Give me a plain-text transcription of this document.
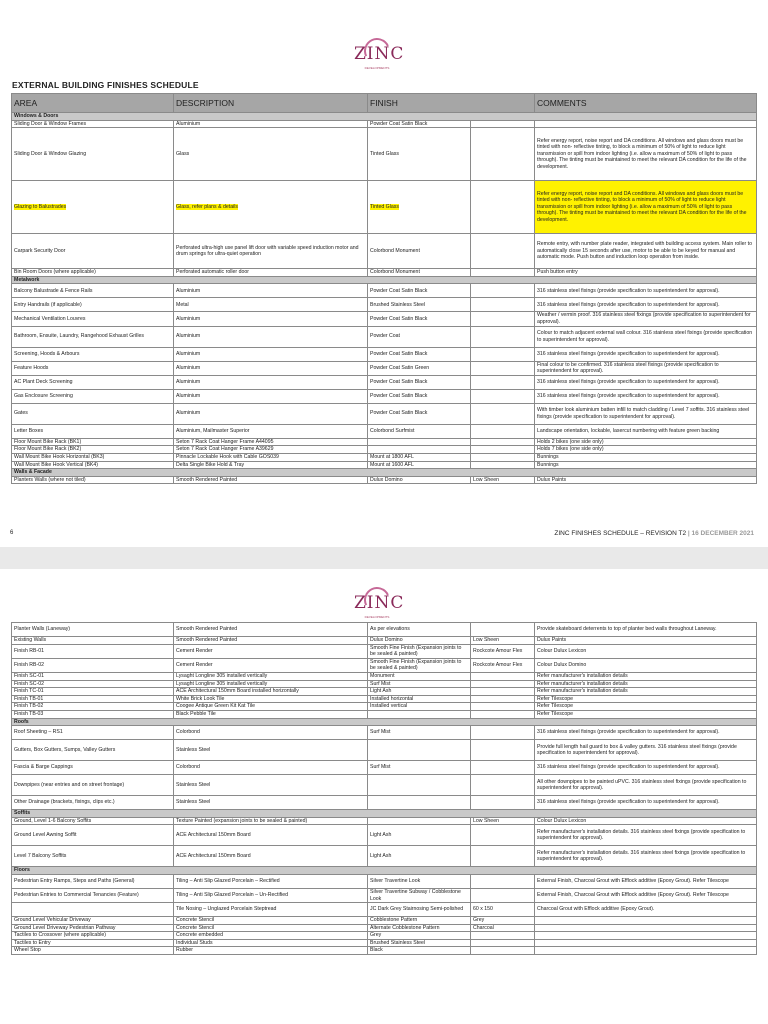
ZINC
DEVELOPMENTS
EXTERNAL BUILDING FINISHES SCHEDULE
AREA	DESCRIPTION	FINISH		COMMENTS
Windows & Doors				
Sliding Door & Window Frames	Aluminium	Powder Coat Satin Black		
Sliding Door & Window Glazing	Glass	Tinted Glass		Refer energy report, noise report and DA conditions. All windows and glass doors must be tinted with non- reflective tinting, to block a minimum of 50% of light to reduce light transmission or spill from indoor lighting (i.e. allow a maximum of 50% of light to pass through). The tinting must be maintained to meet the relevant DA condition for the life of the development.
Glazing to Balustrades	Glass, refer plans & details	Tinted Glass		Refer energy report, noise report and DA conditions. All windows and glass doors must be tinted with non- reflective tinting, to block a minimum of 50% of light to reduce light transmission or spill from indoor lighting (i.e. allow a maximum of 50% of light to pass through). The tinting must be maintained to meet the relevant DA condition for the life of the development.
Carpark Security Door	Perforated ultra-high use panel lift door with variable speed induction motor and drum springs for ultra-quiet operation	Colorbond Monument		Remote entry, with number plate reader, integrated with building access system. Main roller to automatically close 15 seconds after use, motor to be able to be keyed for manual and automatic mode. Push button and induction loop operation from inside.
Bin Room Doors (where applicable)	Perforated automatic roller door	Colorbond Monument		Push button entry
Metalwork				
Balcony Balustrade & Fence Rails	Aluminium	Powder Coat Satin Black		316 stainless steel fixings (provide specification to superintendent for approval).
Entry Handrails (if applicable)	Metal	Brushed Stainless Steel		316 stainless steel fixings (provide specification to superintendent for approval).
Mechanical Ventilation Louvres	Aluminium	Powder Coat Satin Black		Weather / vermin proof. 316 stainless steel fixings (provide specification to superintendent for approval).
Bathroom, Ensuite, Laundry, Rangehood Exhaust Grilles	Aluminium	Powder Coat		Colour to match adjacent external wall colour. 316 stainless steel fixings (provide specification to superintendent for approval).
Screening, Hoods & Arbours	Aluminium	Powder Coat Satin Black		316 stainless steel fixings (provide specification to superintendent for approval).
Feature Hoods	Aluminium	Powder Coat Satin Green		Final colour to be confirmed. 316 stainless steel fixings (provide specification to superintendent for approval).
AC Plant Deck Screening	Aluminium	Powder Coat Satin Black		316 stainless steel fixings (provide specification to superintendent for approval).
Gas Enclosure Screening	Aluminium	Powder Coat Satin Black		316 stainless steel fixings (provide specification to superintendent for approval).
Gates	Aluminium	Powder Coat Satin Black		With timber look aluminium batten infill to match cladding / Level 7 soffits. 316 stainless steel fixings (provide specification to superintendent for approval).
Letter Boxes	Aluminium, Mailmaster Superior	Colorbond Surfmist		Landscape orientation, lockable, lasercut numbering with feature green backing
Floor Mount Bike Rack (BK1)	Seton 7 Rack Coat Hanger Frame A44095			Holds 2 bikes (one side only)
Floor Mount Bike Rack (BK2)	Seton 7 Rack Coat Hanger Frame A39629			Holds 7 bikes (one side only)
Wall Mount Bike Hook Horizontal (BK3)	Pinnacle Lockable Hook with Cable GOS039	Mount at 1800 AFL		Bunnings
Wall Mount Bike Hook Vertical (BK4)	Delta Single Bike Hold & Tray	Mount at 1600 AFL		Bunnings
Walls & Facade				
Planters Walls (where not tiled)	Smooth Rendered Painted	Dulux Domino	Low Sheen	Dulux Paints
6	ZINC FINISHES SCHEDULE – REVISION T2 | 16 DECEMBER 2021
ZINC
DEVELOPMENTS
Planter Walls (Laneway)	Smooth Rendered Painted	As per elevations		Provide skateboard deterrents to top of planter bed walls throughout Laneway.
Existing Walls	Smooth Rendered Painted	Dulux Domino	Low Sheen	Dulux Paints
Finish RB-01	Cement Render	Smooth Fine Finish (Expansion joints to be sealed & painted)	Rockcote Amour Flex	Colour Dulux Lexicon
Finish RB-02	Cement Render	Smooth Fine Finish (Expansion joints to be sealed & painted)	Rockcote Amour Flex	Colour Dulux Domino
Finish SC-01	Lysaght Longline 305 installed vertically	Monument		Refer manufacturer's installation details
Finish SC-02	Lysaght Longline 305 installed vertically	Surf Mist		Refer manufacturer's installation details
Finish TC-01	ACE Architectural 150mm Board installed horizontally	Light Ash		Refer manufacturer's installation details
Finish TB-01	White Brick Look Tile	Installed horizontal		Refer Tilescope
Finish TB-02	Coogee Antique Green Kit Kat Tile	Installed vertical		Refer Tilescope
Finish TB-03	Black Pebble Tile			Refer Tilescope
Roofs				
Roof Sheeting – RS1	Colorbond	Surf Mist		316 stainless steel fixings (provide specification to superintendent for approval).
Gutters, Box Gutters, Sumps, Valley Gutters	Stainless Steel			Provide full length hail guard to box & valley gutters. 316 stainless steel fixings (provide specification to superintendent for approval).
Fascia & Barge Cappings	Colorbond	Surf Mist		316 stainless steel fixings (provide specification to superintendent for approval).
Downpipes (near entries and on street frontage)	Stainless Steel			All other downpipes to be painted uPVC. 316 stainless steel fixings (provide specification to superintendent for approval).
Other Drainage (brackets, fixings, clips etc.)	Stainless Steel			316 stainless steel fixings (provide specification to superintendent for approval).
Soffits				
Ground, Level 1-6 Balcony Soffits	Texture Painted (expansion joints to be sealed & painted)		Low Sheen	Colour Dulux Lexicon
Ground Level Awning Soffit	ACE Architectural 150mm Board	Light Ash		Refer manufacturer's installation details. 316 stainless steel fixings (provide specification to superintendent for approval).
Level 7 Balcony Soffits	ACE Architectural 150mm Board	Light Ash		Refer manufacturer's installation details. 316 stainless steel fixings (provide specification to superintendent for approval).
Floors				
Pedestrian Entry Ramps, Steps and Paths (General)	Tiling – Anti Slip Glazed Porcelain – Rectified	Silver Travertine Look		External Finish, Charcoal Grout with Efflock additive (Epoxy Grout). Refer Tilescope
Pedestrian Entries to Commercial Tenancies (Feature)	Tiling – Anti Slip Glazed Porcelain – Un-Rectified	Silver Travertine Subway / Cobblestone Look		External Finish, Charcoal Grout with Efflock additive (Epoxy Grout). Refer Tilescope
	Tile Nosing – Unglazed Porcelain Steptread	JC Dark Grey Stairnosing Semi-polished	60 x 150	Charcoal Grout with Efflock additive (Epoxy Grout).
Ground Level Vehicular Driveway	Concrete Stencil	Cobblestone Pattern	Grey	
Ground Level Driveway Pedestrian Pathway	Concrete Stencil	Alternate Cobblestone Pattern	Charcoal	
Tactiles to Crossover (where applicable)	Concrete embedded	Grey		
Tactiles to Entry	Individual Studs	Brushed Stainless Steel		
Wheel Stop	Rubber	Black		
